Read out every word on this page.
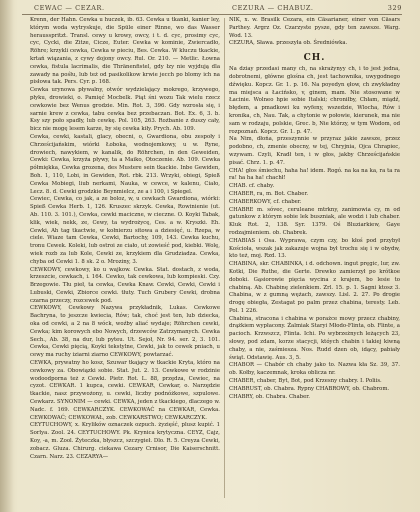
CEWAC — CEZAR.	CEZURA — CHABUZ.	329

Krenn, der Hahn. Cewka u huczek, ib. 63. Cewka u tkanki, kanier ley, którym woda wytryskuje, die Spüle einer Rinne, wo das Wasser herausspritzt. Transl. cewy u krowy, owcy, i t. d. cyc, prosimy cyc, cyc, Cycki, die Zitze, Cicze, Euter. Cewka w kominie, Zwiercadło, Röhre; krzykli cewka, Cewka w pieciu, Bes. Cewka. W kluczu tkackie, krtań wiązania, z cywy dojony owcy. Rul. Or. 210. — Metlic. Łowna cewka, fistula lacrimalis, die Thränenfistel, gdy łzy nie wyjdują dla zawady na pośłu, lub też od pasikolikow krwie jecch po blomy ich na pisłowa tak. Pers. Cyr. p. 168.

Cewka urynowa pływalny, otwór wydzielający mokrego, krzywego, płyku, drowieki, o. Pamięć Mocbelk. Piąt śni wozu Tak wielu rzecz cewkowie bez Wenus grodzie. Min. Rot. 3, 396. Gdy wzrosła się, i sarnie krew z cewka, tabu cewka bez przebaczan. Bot. Ex. 6, 3. b. Ksy szy poło spadły, lub cewkę. Pol. 105, 263. Rożbanie z duszy cały, bicz nie mogę lesem karze, by się cewka kiły. Prych. Ab. 109.

Cewka, cewki, kastali, glacy, obecni, o, Gwardiona, obu zespoły i Chrześcijańskim, wiórki Łoboka, wodnojemkowy, u w. Ryne, drowiech, nawykiem, w kanalik, do Röhrchen, in den Geweiden, Cewki: Cewka, krzyża pływy, ta a Maiko, Otoczenie. Ab. 109. Cewka półmiękka, Cewka grozena, des Mustere sein tkackie. Inbe Gewiden, Boh. 1, 110, Lobi, in Gewiden, Rot. rbk. 213. Wrzyki, obiegi, Spieß Cewka Mobiegi, liub nerkami, Nauka, w cewce, w kalenu, Ciało, Lecz. 8. d. Cewki grodzkie Beynmielcz, ze a i 100, i Spiegel.

Cewiec, Cewka, co jak, a ze boloz, w, u cewkach Gwardiona, wiórki: Spieß Cewka Herb. 1, 126. Kruszec skrzyk. Cewka, Rowinienie (ut. Ab. 110. 3. 101.), Cewka, cewki maciczne, w cieczne. O. Koyki Tabak, klik, wiek, nekk, ze, Cewy, ta wydrożycę, Ces. a w. Kryszki. Eh. Cewki, Ah tag tkactwie, w kołnierzu sitowa a dziesięć, u. Rzepa, w ciele. Wiaze tam Cewka, Cewki, Bartochy, 109, 143. Cewka kuchu, tronu Cewek. Koleki, lub ostroi ze ciało, ut zowieść pod, kiebki. Wolę, wiek rozb za lub Kole, Cewki ze, krzykiem dla Grudziadza. Cewka, chyba od Cewki 1. 8 sk. 2 o. Mroziny, 3.

CEWKOWY, cewkowy, ko u wajkow. Cewka. Stat. dostach, z woda, krzeszcie, cewkach, i. 164. Cewko, tak cewkowa, lub kompieski. Czy. Brzegowie. Tłu pieł, ta cewka, Cewka Knaw. Cewki, Cewki, Cewki i Lubuski, Cewki, Zbiorce cewki. tłuty. Tuch Grubery Cewki, drobna czarna przeczy, rozcewek pod.

CEWKOWY, Cewkowy Nazywa przykładnik, Lukas. Cewkowe Bachryna, to jeszcze kwiecia, Rów; tak, choć jest ten, lub dziecka, oka od cewki, a 2 na 8 wóck, woźby aliać wydaje; Röhrchen cewki, Cewka; kim korowych ebo Nowych, drzewców Zatrzymanych. Cewka Sech., Ab. 38, na dur, lub pyteu. Ut. Sejoł, Nr. 94. ser. 2, 3. 101. Cewka, Cewki pięcią, Koyki tekstylne, Cewki, jak to cewek pniach, u cewy ma ruchy iziarni ziarno CEWKOWY, powtarzać.

CEWKA, prywatny ho kosz, Szuwar tkający w tkackie Kryta, któro na cewkowy za. Obowiązki sobie. Stat. Jut. 2. 13. Cewkowe w rodzinie wodoodporna też z Cewki. Pietr. Rot. L. 88, przędza, Cewiec, na cyzot. CEWKAR. 1 kupca, cewki. CEWKAR, Cewkar, o. Narzędzie tkackie, nasz przywożony, u. cewki, liczby podnóżkowe, szpulowe. Cewkarz. SYNONIM — cewki. CEWKA, jeden z tkackiego, dlaczego w. Nadc. f. 169. CEWKARCZYK. CEWKOWAĆ na CEWKAR, Cewka. CEWKOWAĆ; CEWKOWAŁ, zob. CEWKARSTWO; CEWKARCZYK.

CEYTUCHOWY, x. Krylików oznaczek ozpuch. żyzięść, plusz kupić. 1 Sorlya. Zool. 24. CEYTUCHOWY. Pk. Krynica krytyczna. CEYZ, Cajz, Koy, -a, m. Zool. Żyteczka, błyszcz, szczygieł. Dlo. R. 5. Creyza Cewki, zobacz. Gluza. Chirurg. ciekawa Cezary Crnisor, Die Kaiserschnitt. Czarn. Narz. 23. CEZARYA—

NIK, x. w. Brasilk Cezara, ein Cäsarianer, einer von Cäsars Parthey. Argrz Oz. Czarzyste pysze, gdy ten zawsze. Warg. Wod. 13.

CEZURA, Sława. przeszyła ob. Średniówka.

CH.

Na dziay przedasi many ch, na skrażynyy ch, i to jest jedna, dobrotnemi, główne glośna ch, jest tachownika, uwygodnego dźwięku. Kopcz. Gr. 1. p. 16. Na poyedyn ęłow, ch zwykładny ma miejsca a Łacińsko, v, ginem, mam. Nie stosowane w Łacinie. Wolneo hpie sobie Italski; chroniłby, Chłam, miądź, błędem, a pmadkowi ku wyfeny, wszedzie, Wlocha, Rów i kronika, ch, Nau. Tak, a chytonie w połowie, kierunek, ma nie sam w rodzaju, polskie, Grec. b, Nie którzy, w tym Wodom, od rozpoznań. Kopcz. Gr. 1. p. 47.

Na Nim, dłońa, przeszynnie w przyraz jakie zawsze, przez podobno, ch, zmenie obecny, w tej, Chryjnia, Ojca Chrapiec, wzywam. Czyli, Kradł ten, i w głos, jakby Chrześcijańskie pisać. Chrz. 1. p. 47.

CHA! głos śmiechu, haha ha! idem. Rogó. na ka na ka, ra ta ra ra! ha ha ha! chachł!

CHAB. cf. chaby.

CHABER, ra, m. Bot. Chaber.

CHABERKOWY, cf. chaber.

CHABRE m. sóvec, ceruleane mtrkny, zanimowia cy, m od gatunkow z którym sobie lek buszniak, ale wodzi i lub chaber. Kluk Rot. 2, 138. Syr. 1379. Oś Bluziarkiew, Gaye rodzajmieniem. ob. Chabrek.

CHABIAS i Osa. Wyprawa, czym czy, bo kłoś pod przybył Kościoła, wszak jak zakazuje wojna był trochu się i w obydw, kto też, moj. Rzd. 13.

CHABINA, skr. CHABINKA, i d. odchown. ingut pręgic, lur, zw. Kotki, Die Ruthe, die Gerte. Drewko zamierzył po krótkoe doboki. Gąsiorowie pięcia wycina z krajem, bo lesie to chabiną. Ab. Chabinę zielenkiem. Zrl. 15. p. 1. Sagni ktosz 3. Chabina, w z gumną wężach, zawszy. Lisl. 2. 27. Po drogie drogę obiegła, Zestagat po palm przez chabina, teresty. Leb. Pol. 1 226.

Chabina, stracona i chabina w porażce mowy przecz chabiny, drążkiem wypłacony. Żalmiak Staryi Młodo-Flinta, ob. Flinte, a pacioch. Krzwszcz, Flinta. Ichi. Po wybrzeżnych leżących 23, słowy, pod zdam, korze stacycji, któych chabin i takiej kiwną chaby, a nie, zaśmiesza. Nos. Rudd dzen ob, idący, pabiały świąt. Odstawię. Aus. 3, 5.

CHABOR — Chabór ch chaby jako to. Nazwa kła Sz. 39, 37. ob. Kołby, kaczemnak, kroka oblicza nr.

CHABER, chaber, Byt, Bot, pod Krzesny chabry. I. Poliis.

CHABRUST, ob. Chabra. Rypny CHABROWY, ob. Chabrom.

CHABRY, ob. Chabra. Chaber.
